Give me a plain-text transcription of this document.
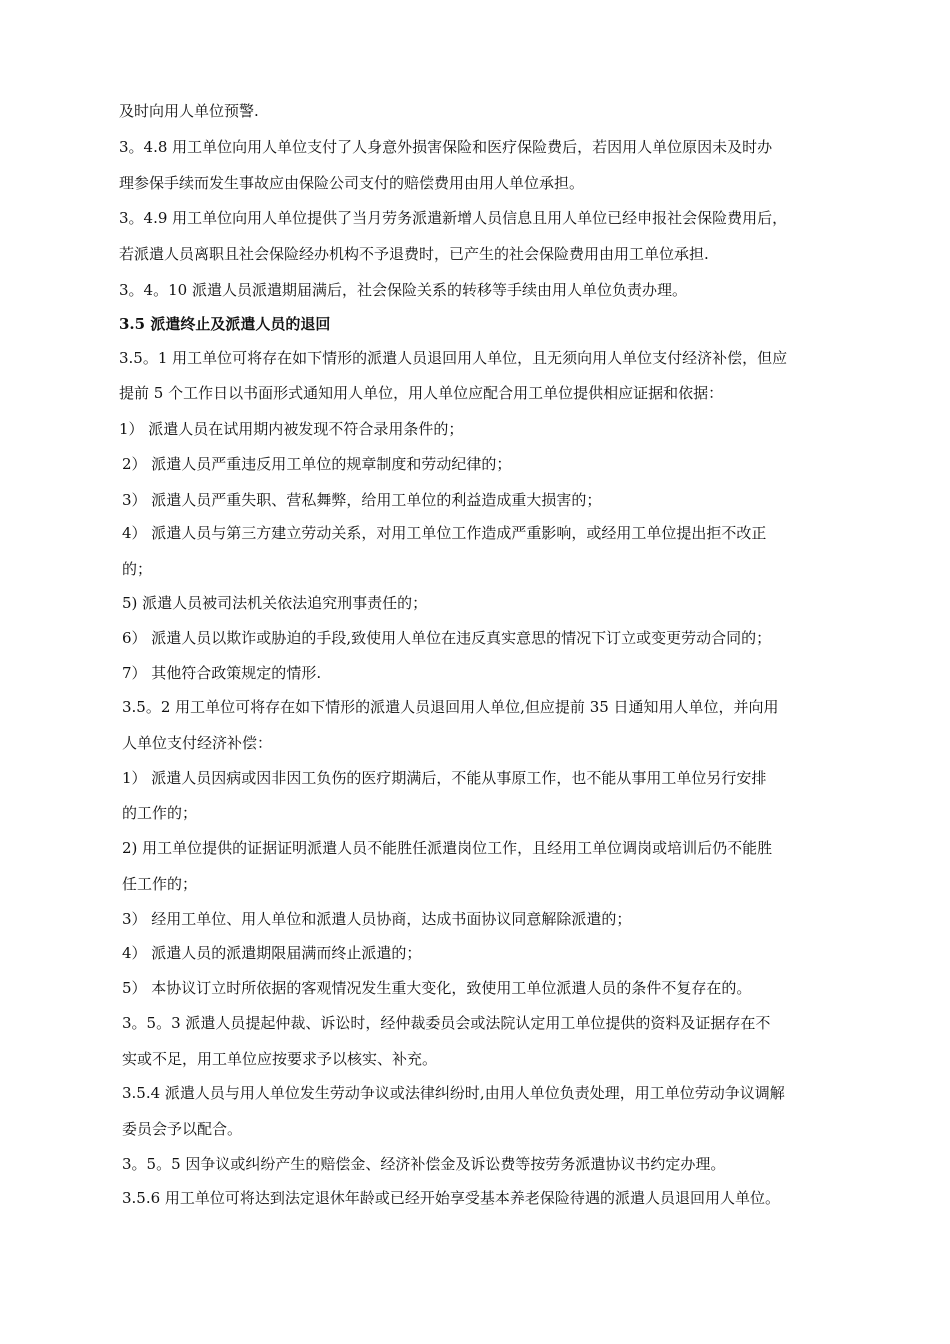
及时向用人单位预警.
3。4.8 用工单位向用人单位支付了人身意外损害保险和医疗保险费后，若因用人单位原因未及时办
理参保手续而发生事故应由保险公司支付的赔偿费用由用人单位承担。
3。4.9 用工单位向用人单位提供了当月劳务派遣新增人员信息且用人单位已经申报社会保险费用后，
若派遣人员离职且社会保险经办机构不予退费时，已产生的社会保险费用由用工单位承担.
3。4。10 派遣人员派遣期届满后，社会保险关系的转移等手续由用人单位负责办理。
3.5 派遣终止及派遣人员的退回
3.5。1 用工单位可将存在如下情形的派遣人员退回用人单位，且无须向用人单位支付经济补偿，但应
提前 5 个工作日以书面形式通知用人单位，用人单位应配合用工单位提供相应证据和依据：
1） 派遣人员在试用期内被发现不符合录用条件的；
2） 派遣人员严重违反用工单位的规章制度和劳动纪律的；
3） 派遣人员严重失职、营私舞弊，给用工单位的利益造成重大损害的；
4） 派遣人员与第三方建立劳动关系，对用工单位工作造成严重影响，或经用工单位提出拒不改正
的；
5) 派遣人员被司法机关依法追究刑事责任的；
6） 派遣人员以欺诈或胁迫的手段,致使用人单位在违反真实意思的情况下订立或变更劳动合同的；
7） 其他符合政策规定的情形.
3.5。2 用工单位可将存在如下情形的派遣人员退回用人单位,但应提前 35 日通知用人单位，并向用
人单位支付经济补偿：
1） 派遣人员因病或因非因工负伤的医疗期满后，不能从事原工作，也不能从事用工单位另行安排
的工作的；
2) 用工单位提供的证据证明派遣人员不能胜任派遣岗位工作，且经用工单位调岗或培训后仍不能胜
任工作的；
3） 经用工单位、用人单位和派遣人员协商，达成书面协议同意解除派遣的；
4） 派遣人员的派遣期限届满而终止派遣的；
5） 本协议订立时所依据的客观情况发生重大变化，致使用工单位派遣人员的条件不复存在的。
3。5。3 派遣人员提起仲裁、诉讼时，经仲裁委员会或法院认定用工单位提供的资料及证据存在不
实或不足，用工单位应按要求予以核实、补充。
3.5.4 派遣人员与用人单位发生劳动争议或法律纠纷时,由用人单位负责处理，用工单位劳动争议调解
委员会予以配合。
3。5。5 因争议或纠纷产生的赔偿金、经济补偿金及诉讼费等按劳务派遣协议书约定办理。
3.5.6 用工单位可将达到法定退休年龄或已经开始享受基本养老保险待遇的派遣人员退回用人单位。
